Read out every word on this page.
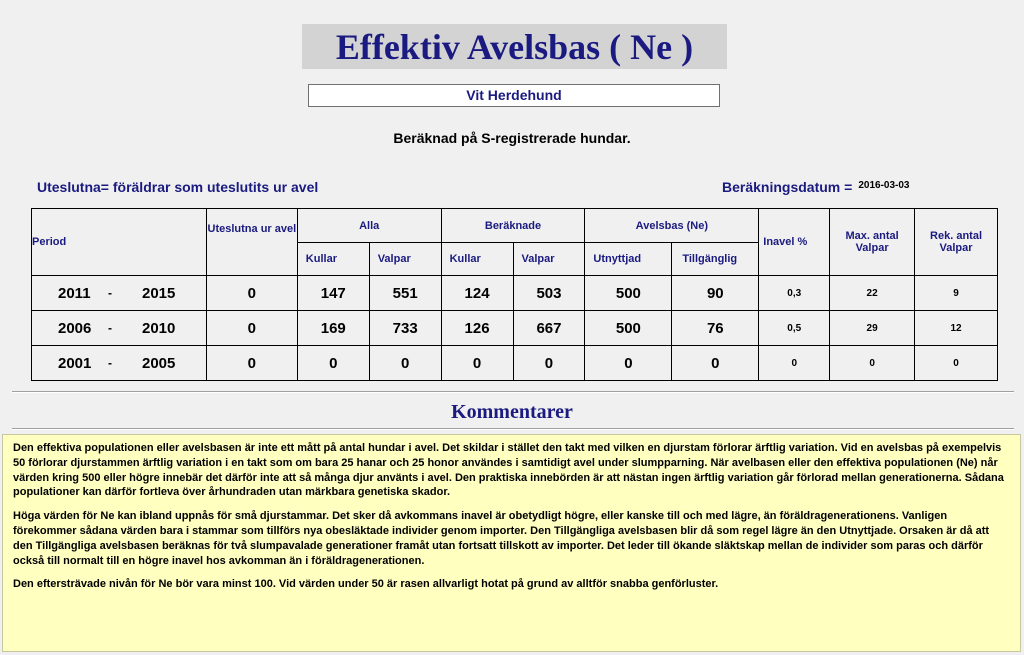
Effektiv Avelsbas ( Ne )
Vit Herdehund
Beräknad på S-registrerade hundar.
Uteslutna= föräldrar som uteslutits ur avel	Beräkningsdatum = $^{2016-03-03}$
Period	Uteslutna ur avel	Alla		Beräknade		Avelsbas (Ne)		Inavel %	Max. antal Valpar	Rek. antal Valpar
		Kullar	Valpar	Kullar	Valpar	Utnyttjad	Tillgänglig			

2011 - 2015	0	147	551	124	503	500	90	0,3	22	9

2006 - 2010	0	169	733	126	667	500	76	0,5	29	12

2001 - 2005	0	0	0	0	0	0	0	0	0	0
Kommentarer

Den effektiva populationen eller avelsbasen är inte ett mått på antal hundar i avel. Det skildar i stället den takt med vilken en djurstam förlorar ärftlig variation. Vid en avelsbas på exempelvis 50 förlorar djurstammen ärftlig variation i en takt som om bara 25 hanar och 25 honor användes i samtidigt avel under slumpparning. När avelbasen eller den effektiva populationen (Ne) når värden kring 500 eller högre innebär det därför inte att så många djur använts i avel. Den praktiska innebörden är att nästan ingen ärftlig variation går förlorad mellan generationerna. Sådana populationer kan därför fortleva över århundraden utan märkbara genetiska skador.

Höga värden för Ne kan ibland uppnås för små djurstammar. Det sker då avkommans inavel är obetydligt högre, eller kanske till och med lägre, än föräldragenerationens. Vanligen förekommer sådana värden bara i stammar som tillförs nya obesläktade individer genom importer. Den Tillgängliga avelsbasen blir då som regel lägre än den Utnyttjade. Orsaken är då att den Tillgängliga avelsbasen beräknas för två slumpavalade generationer framåt utan fortsatt tillskott av importer. Det leder till ökande släktskap mellan de individer som paras och därför också till normalt till en högre inavel hos avkomman än i föräldragenerationen.

Den eftersträvade nivån för Ne bör vara minst 100. Vid värden under 50 är rasen allvarligt hotat på grund av alltför snabba genförluster.
